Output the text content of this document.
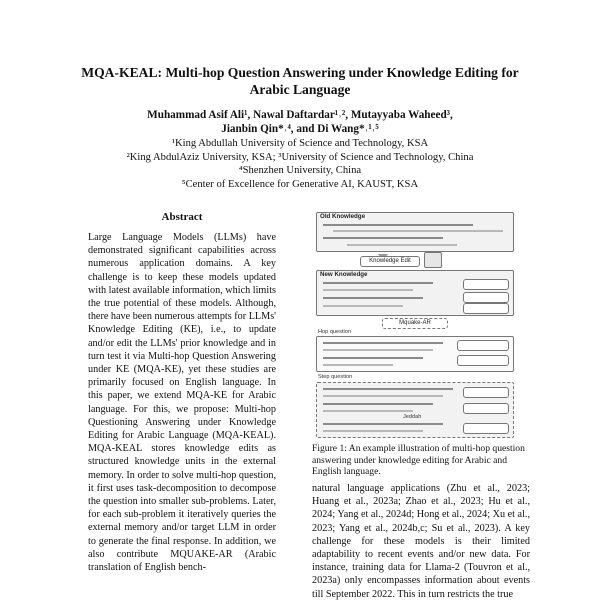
MQA-KEAL: Multi-hop Question Answering under Knowledge Editing for
Arabic Language
Muhammad Asif Ali¹, Nawal Daftardar¹˒², Mutayyaba Waheed³,
Jianbin Qin*˒⁴, and Di Wang*˒¹˒⁵
¹King Abdullah University of Science and Technology, KSA
²King AbdulAziz University, KSA; ³University of Science and Technology, China
⁴Shenzhen University, China
⁵Center of Excellence for Generative AI, KAUST, KSA
Abstract
Large Language Models (LLMs) have demonstrated significant capabilities across numerous application domains. A key challenge is to keep these models updated with latest available information, which limits the true potential of these models. Although, there have been numerous attempts for LLMs' Knowledge Editing (KE), i.e., to update and/or edit the LLMs' prior knowledge and in turn test it via Multi-hop Question Answering under KE (MQA-KE), yet these studies are primarily focused on English language. In this paper, we extend MQA-KE for Arabic language. For this, we propose: Multi-hop Questioning Answering under Knowledge Editing for Arabic Language (MQA-KEAL). MQA-KEAL stores knowledge edits as structured knowledge units in the external memory. In order to solve multi-hop question, it first uses task-decomposition to decompose the question into smaller sub-problems. Later, for each sub-problem it iteratively queries the external memory and/or target LLM in order to generate the final response. In addition, we also contribute MQUAKE-AR (Arabic translation of English bench-
Old Knowledge
Knowledge Edit
New Knowledge
Mquake-AR
Hop question
Step question
Jeddah
Figure 1: An example illustration of multi-hop question answering under knowledge editing for Arabic and English language.
natural language applications (Zhu et al., 2023; Huang et al., 2023a; Zhao et al., 2023; Hu et al., 2024; Yang et al., 2024d; Hong et al., 2024; Xu et al., 2023; Yang et al., 2024b,c; Su et al., 2023). A key challenge for these models is their limited adaptability to recent events and/or new data. For instance, training data for Llama-2 (Touvron et al., 2023a) only encompasses information about events till September 2022. This in turn restricts the true
